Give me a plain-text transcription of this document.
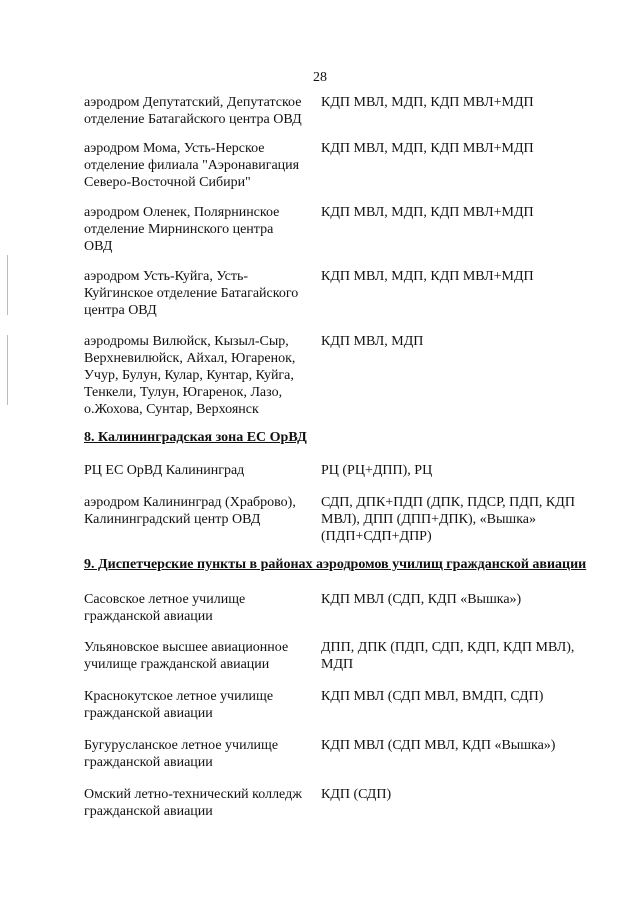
28
аэродром Депутатский, Депутатское
отделение Батагайского центра ОВД
КДП МВЛ, МДП, КДП МВЛ+МДП
аэродром Мома, Усть-Нерское
отделение филиала "Аэронавигация
Северо-Восточной Сибири"
КДП МВЛ, МДП, КДП МВЛ+МДП
аэродром Оленек, Полярнинское
отделение Мирнинского центра
ОВД
КДП МВЛ, МДП, КДП МВЛ+МДП
аэродром Усть-Куйга, Усть-
Куйгинское отделение Батагайского
центра ОВД
КДП МВЛ, МДП, КДП МВЛ+МДП
аэродромы Вилюйск, Кызыл-Сыр,
Верхневилюйск, Айхал, Югаренок,
Учур, Булун, Кулар, Кунтар, Куйга,
Тенкели, Тулун, Югаренок, Лазо,
о.Жохова, Сунтар, Верхоянск
КДП МВЛ, МДП
8. Калининградская зона ЕС ОрВД
РЦ ЕС ОрВД Калининград	РЦ (РЦ+ДПП), РЦ
аэродром Калининград (Храброво),
Калининградский центр ОВД
СДП, ДПК+ПДП (ДПК, ПДСР, ПДП, КДП
МВЛ), ДПП (ДПП+ДПК), «Вышка»
(ПДП+СДП+ДПР)
9. Диспетчерские пункты в районах аэродромов училищ гражданской авиации
Сасовское летное училище
гражданской авиации
КДП МВЛ (СДП, КДП «Вышка»)
Ульяновское высшее авиационное
училище гражданской авиации
ДПП, ДПК (ПДП, СДП, КДП, КДП МВЛ),
МДП
Краснокутское летное училище
гражданской авиации
КДП МВЛ (СДП МВЛ, ВМДП, СДП)
Бугурусланское летное училище
гражданской авиации
КДП МВЛ (СДП МВЛ, КДП «Вышка»)
Омский летно-технический колледж
гражданской авиации
КДП (СДП)
